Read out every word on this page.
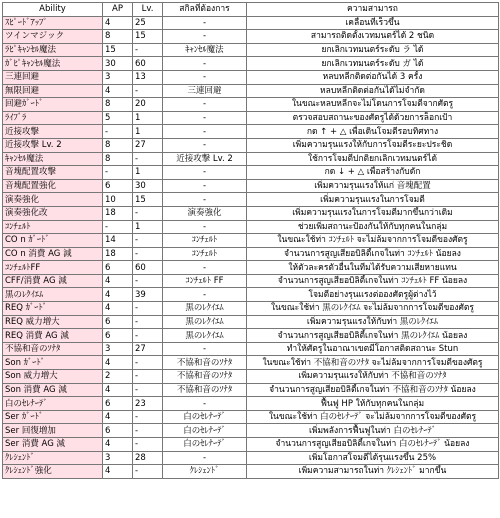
Ability	AP	Lv.	สกิลที่ต้องการ	ความสามารถ
ｽﾋﾟｰﾄﾞｱｯﾌﾟ	4	25	-	เคลื่อนที่เร็วขึ้น
ツインマジック	8	15	-	สามารถติดตั้งเวทมนตร์ได้ 2 ชนิด
ﾗﾋﾟｷｬﾝｾﾙ魔法	15	-	ｷｬﾝｾﾙ魔法	ยกเลิกเวทมนตร์ระดับ ラ ได้
ｶﾞﾋﾟｷｬﾝｾﾙ魔法	30	60	-	ยกเลิกเวทมนตร์ระดับ ガ ได้
三連回避	3	13	-	หลบหลีกติดต่อกันได้ 3 ครั้ง
無限回避	4	-	三連回避	หลบหลีกติดต่อกันได้ไม่จำกัด
回避ｶﾞｰﾄﾞ	8	20	-	ในขณะหลบหลีกจะไม่โดนการโจมตีจากศัตรู
ﾗｲﾌﾞﾗ	5	1	-	ตรวจสอบสถานะของศัตรูได้ด้วยการล็อกเป้า
近接攻撃	-	1	-	กด ↑ + △ เพื่อเดินโจมตีรอบทิศทาง
近接攻撃 Lv. 2	8	27	-	เพิ่มความรุนแรงให้กับการโจมตีระยะประชิด
ｷｬﾝｾﾙ魔法	8	-	近接攻撃 Lv. 2	ใช้การโจมตีปกติยกเลิกเวทมนตร์ได้
音塊配置攻撃	-	1	-	กด ↓ + △ เพื่อสร้างกับดัก
音塊配置強化	6	30	-	เพิ่มความรุนแรงให้แก่ 音塊配置
演奏強化	10	15	-	เพิ่มความรุนแรงในการโจมตี
演奏強化改	18	-	演奏強化	เพิ่มความรุนแรงในการโจมตีมากขึ้นกว่าเดิม
ｺﾝﾁｪﾙﾄ	-	1	-	ช่วยเพิ่มสถานะป้องกันให้กับทุกคนในกลุ่ม
CO n ｶﾞｰﾄﾞ	14	-	ｺﾝﾁｪﾙﾄ	ในขณะใช้ท่า ｺﾝﾁｪﾙﾄ จะไม่ล้มจากการโจมตีของศัตรู
CO n 消費 AG 減	18	-	ｺﾝﾁｪﾙﾄ	จำนวนการสูญเสียอบิลิตี้เกจในท่า ｺﾝﾁｪﾙﾄ น้อยลง
ｺﾝﾁｪﾙﾄFF	6	60	-	ให้ตัวละครตัวอื่นในทีมได้รับความเสียหายแทน
CFF/消費 AG 減	4	-	ｺﾝﾁｪﾙﾄ FF	จำนวนการสูญเสียอบิลิตี้เกจในท่า ｺﾝﾁｪﾙﾄ FF น้อยลง
黒のﾚｸｲｴﾑ	4	39	-	โจมตีอย่างรุนแรงต่อองศัตรูผู้ต่างไว้
REQ ｶﾞｰﾄﾞ	4	-	黒のﾚｸｲｴﾑ	ในขณะใช้ท่า 黒のﾚｸｲｴﾑ จะไม่ล้มจากการโจมตีของศัตรู
REQ 威力増大	6	-	黒のﾚｸｲｴﾑ	เพิ่มความรุนแรงให้กับท่า 黒のﾚｸｲｴﾑ
REQ 消費 AG 減	6	-	黒のﾚｸｲｴﾑ	จำนวนการสูญเสียอบิลิตี้เกจในท่า 黒のﾚｸｲｴﾑ น้อยลง
不協和音のｿﾅﾀ	3	27	-	ทำให้ศัตรูในอาณาเขตมีโอกาสติดสถานะ Stun
Son ｶﾞｰﾄﾞ	4	-	不協和音のｿﾅﾀ	ในขณะใช้ท่า 不協和音のｿﾅﾀ จะไม่ล้มจากการโจมตีของศัตรู
Son 威力増大	2	-	不協和音のｿﾅﾀ	เพิ่มความรุนแรงให้กับท่า 不協和音のｿﾅﾀ
Son 消費 AG 減	4	-	不協和音のｿﾅﾀ	จำนวนการสูญเสียอบิลิตี้เกจในท่า 不協和音のｿﾅﾀ น้อยลง
白のｾﾚﾅｰﾃﾞ	6	23	-	ฟื้นฟู HP ให้กับทุกคนในกลุ่ม
Ser ｶﾞｰﾄﾞ	4	-	白のｾﾚﾅｰﾃﾞ	ในขณะใช้ท่า 白のｾﾚﾅｰﾃﾞ จะไม่ล้มจากการโจมตีของศัตรู
Ser 回復増加	6	-	白のｾﾚﾅｰﾃﾞ	เพิ่มพลังการฟื้นฟูในท่า 白のｾﾚﾅｰﾃﾞ
Ser 消費 AG 減	4	-	白のｾﾚﾅｰﾃﾞ	จำนวนการสูญเสียอบิลิตี้เกจในท่า 白のｾﾚﾅｰﾃﾞ น้อยลง
ｸﾚｼｪﾝﾄﾞ	3	28	-	เพิ่มโอกาสโจมตีได้รุนแรงขึ้น 25%
ｸﾚｼｪﾝﾄﾞ強化	4	-	ｸﾚｼｪﾝﾄﾞ	เพิ่มความสามารถในท่า ｸﾚｼｪﾝﾄﾞ มากขึ้น
